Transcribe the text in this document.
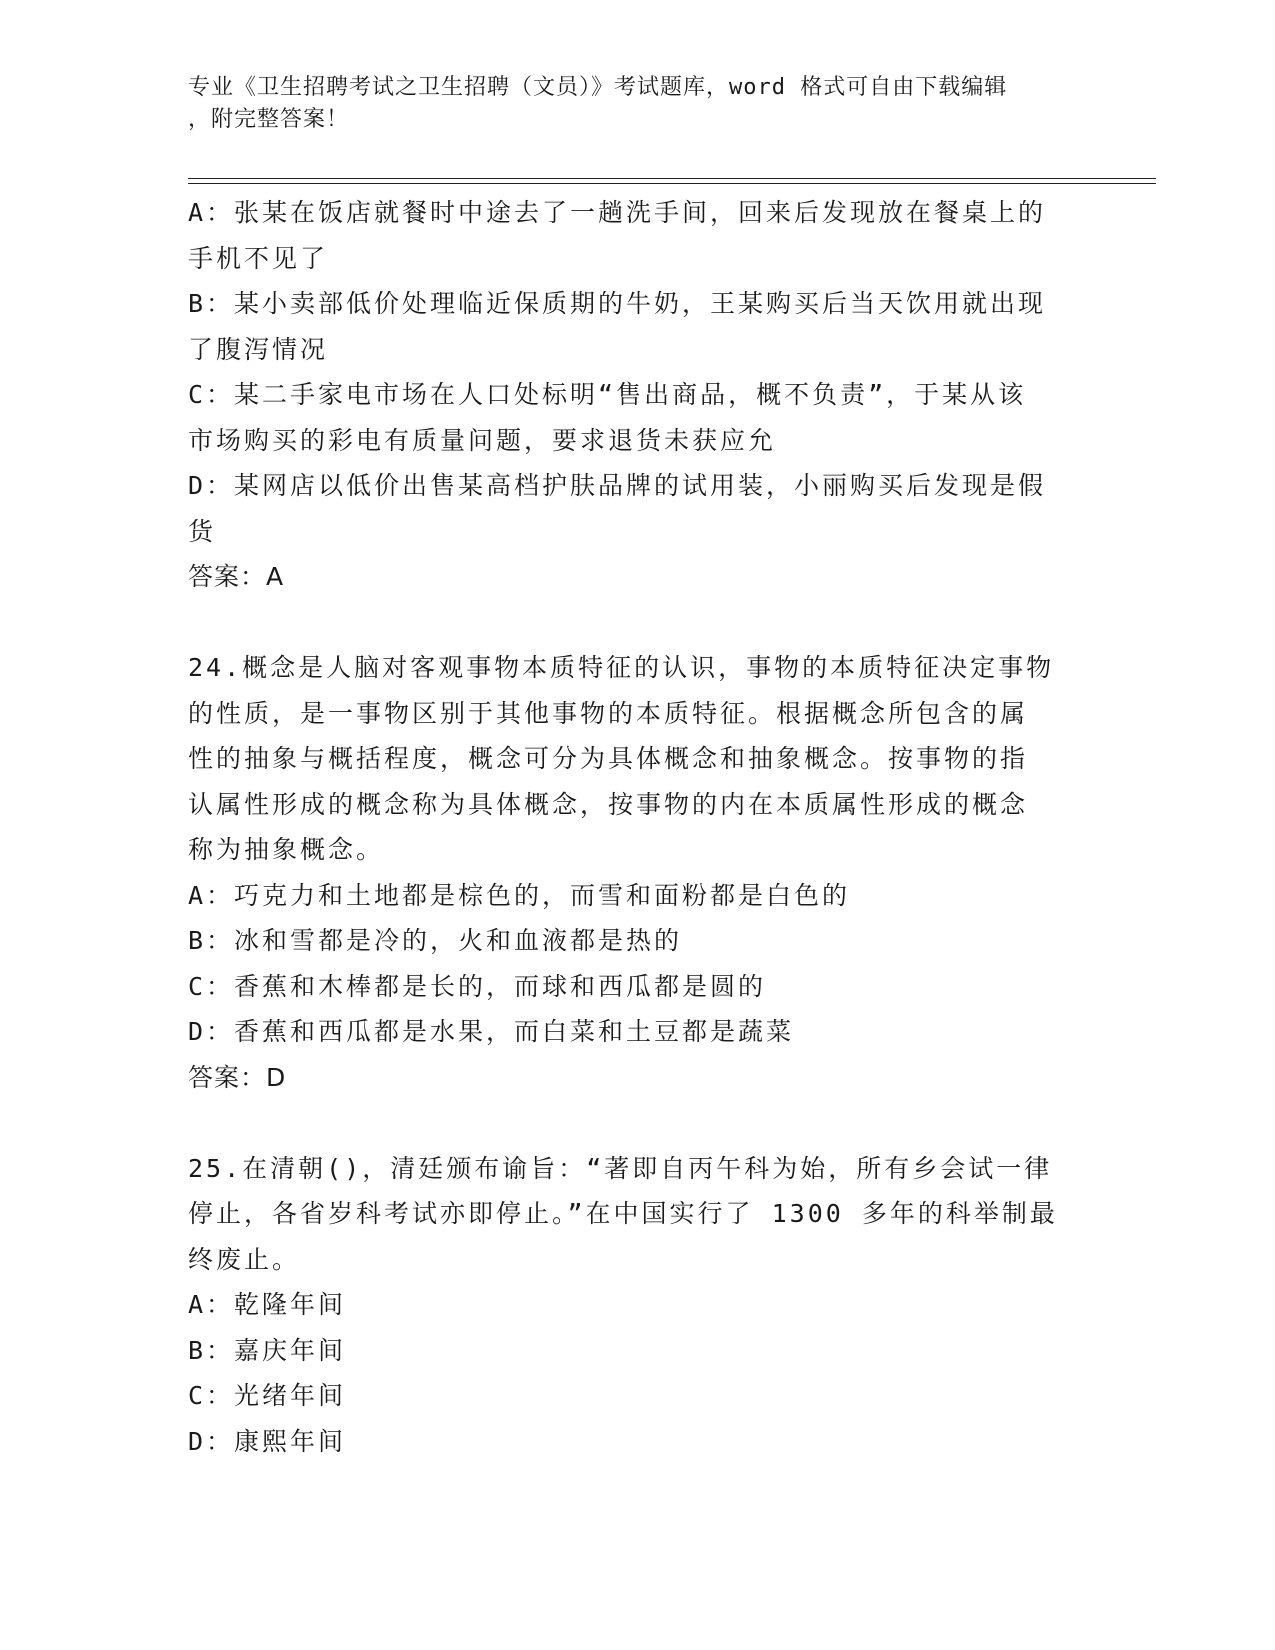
专业《卫生招聘考试之卫生招聘（文员）》考试题库，word 格式可自由下载编辑
，附完整答案！
A：张某在饭店就餐时中途去了一趟洗手间，回来后发现放在餐桌上的
手机不见了
B：某小卖部低价处理临近保质期的牛奶，王某购买后当天饮用就出现
了腹泻情况
C：某二手家电市场在人口处标明“售出商品，概不负责”，于某从该
市场购买的彩电有质量问题，要求退货未获应允
D：某网店以低价出售某高档护肤品牌的试用装，小丽购买后发现是假
货
答案：A
24.概念是人脑对客观事物本质特征的认识，事物的本质特征决定事物
的性质，是一事物区别于其他事物的本质特征。根据概念所包含的属
性的抽象与概括程度，概念可分为具体概念和抽象概念。按事物的指
认属性形成的概念称为具体概念，按事物的内在本质属性形成的概念
称为抽象概念。
A：巧克力和土地都是棕色的，而雪和面粉都是白色的
B：冰和雪都是冷的，火和血液都是热的
C：香蕉和木棒都是长的，而球和西瓜都是圆的
D：香蕉和西瓜都是水果，而白菜和土豆都是蔬菜
答案：D
25.在清朝()，清廷颁布谕旨：“著即自丙午科为始，所有乡会试一律
停止，各省岁科考试亦即停止。”在中国实行了 1300 多年的科举制最
终废止。
A：乾隆年间
B：嘉庆年间
C：光绪年间
D：康熙年间
